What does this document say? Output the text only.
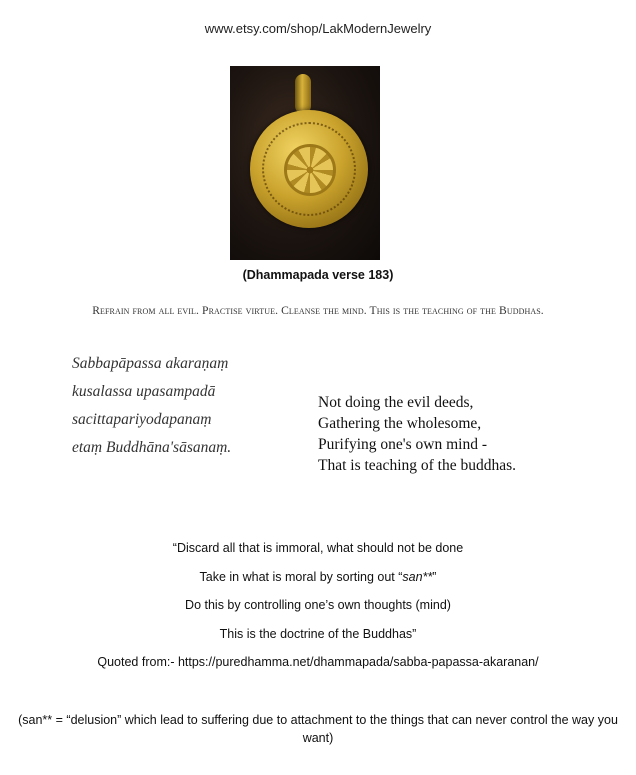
www.etsy.com/shop/LakModernJewelry
(Dhammapada verse 183)
Refrain from all evil. Practise virtue. Cleanse the mind. This is the teaching of the Buddhas.
Sabbapāpassa akaraṇaṃ
kusalassa upasampadā
sacittapariyodapanaṃ
etaṃ Buddhāna'sāsanaṃ.
Not doing the evil deeds,
Gathering the wholesome,
Purifying one's own mind -
That is teaching of the buddhas.
“Discard all that is immoral, what should not be done
Take in what is moral by sorting out “san**”
Do this by controlling one’s own thoughts (mind)
This is the doctrine of the Buddhas”
Quoted from:- https://puredhamma.net/dhammapada/sabba-papassa-akaranan/
(san** = “delusion” which lead to suffering due to attachment to the things that can never control the way you want)
